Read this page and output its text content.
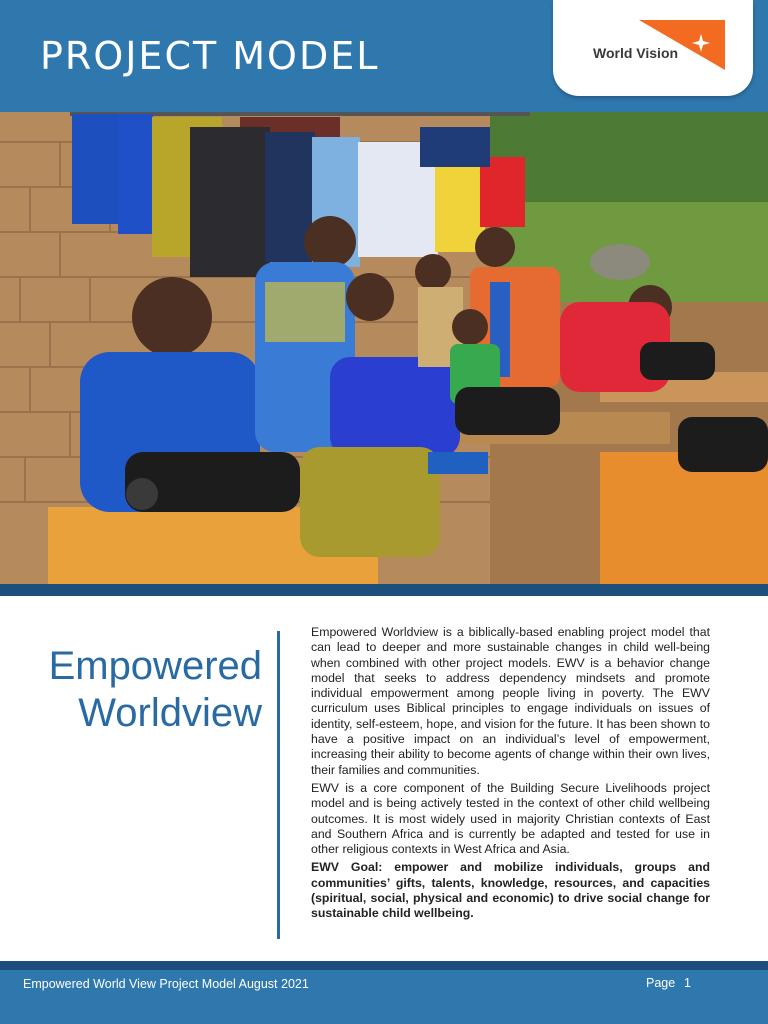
PROJECT MODEL	World Vision
Empowered
Worldview

Empowered Worldview is a biblically-based enabling project model that can lead to deeper and more sustainable changes in child well-being when combined with other project models. EWV is a behavior change model that seeks to address dependency mindsets and promote individual empowerment among people living in poverty. The EWV curriculum uses Biblical principles to engage individuals on issues of identity, self-esteem, hope, and vision for the future. It has been shown to have a positive impact on an individual’s level of empowerment, increasing their ability to become agents of change within their own lives, their families and communities.

EWV is a core component of the Building Secure Livelihoods project model and is being actively tested in the context of other child wellbeing outcomes. It is most widely used in majority Christian contexts of East and Southern Africa and is currently be adapted and tested for use in other religious contexts in West Africa and Asia.

EWV Goal: empower and mobilize individuals, groups and communities’ gifts, talents, knowledge, resources, and capacities (spiritual, social, physical and economic) to drive social change for sustainable child wellbeing.

Empowered World View Project Model August 2021	Page 1
